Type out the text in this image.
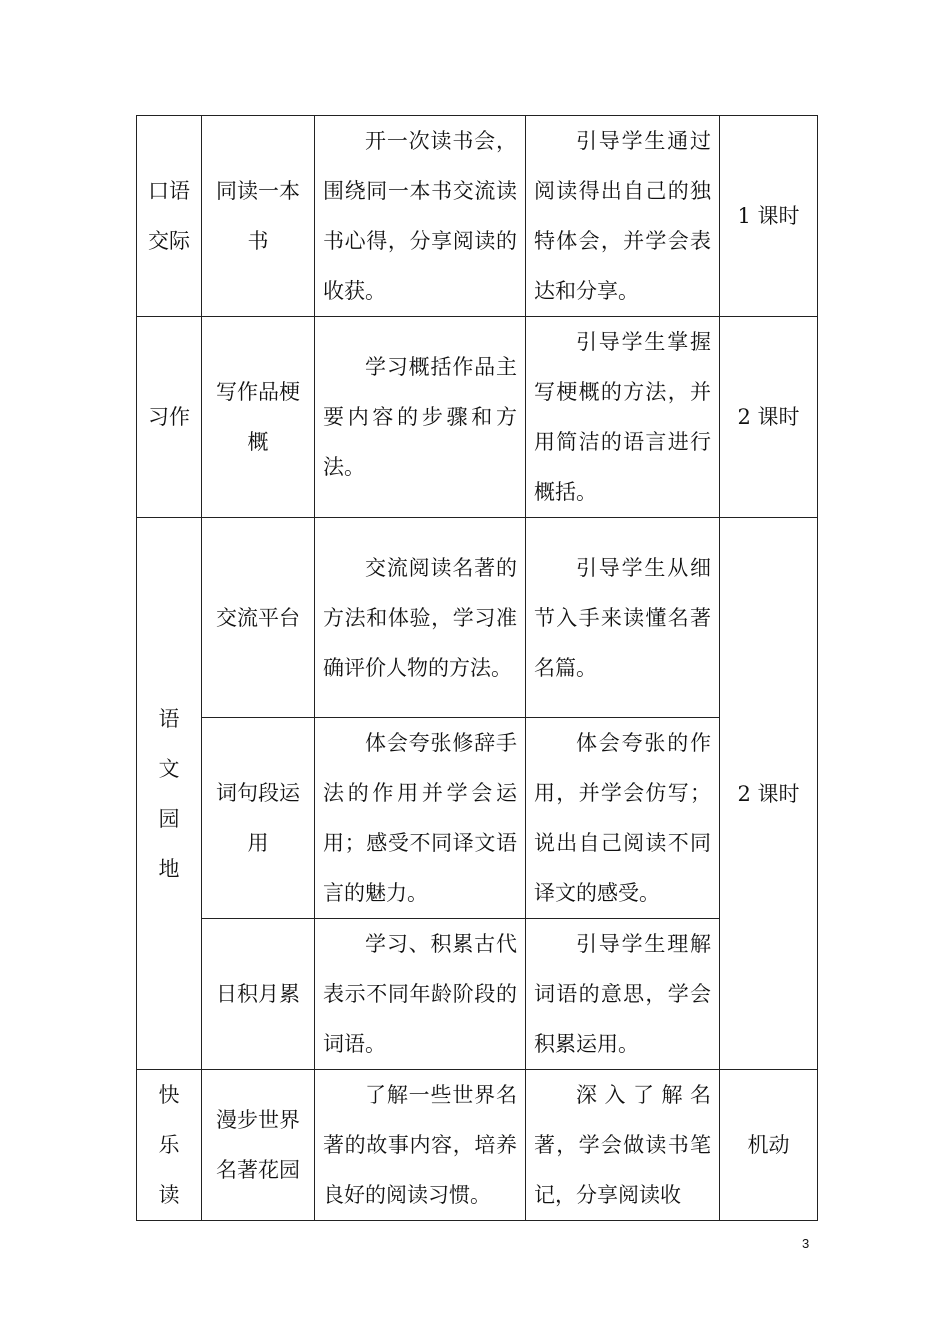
口语交际	同读一本书	开一次读书会，围绕同一本书交流读书心得，分享阅读的收获。	引导学生通过阅读得出自己的独特体会，并学会表达和分享。	1 课时

习作	写作品梗概	学习概括作品主要内容的步骤和方法。	引导学生掌握写梗概的方法，并用简洁的语言进行概括。	2 课时

语文园地	交流平台	交流阅读名著的方法和体验，学习准确评价人物的方法。	引导学生从细节入手来读懂名著名篇。	2 课时

	词句段运用	体会夸张修辞手法的作用并学会运用；感受不同译文语言的魅力。	体会夸张的作用，并学会仿写；说出自己阅读不同译文的感受。	

	日积月累	学习、积累古代表示不同年龄阶段的词语。	引导学生理解词语的意思，学会积累运用。	

快乐读	漫步世界名著花园	了解一些世界名著的故事内容，培养良好的阅读习惯。	深入了解名著，学会做读书笔记，分享阅读收	机动
3
